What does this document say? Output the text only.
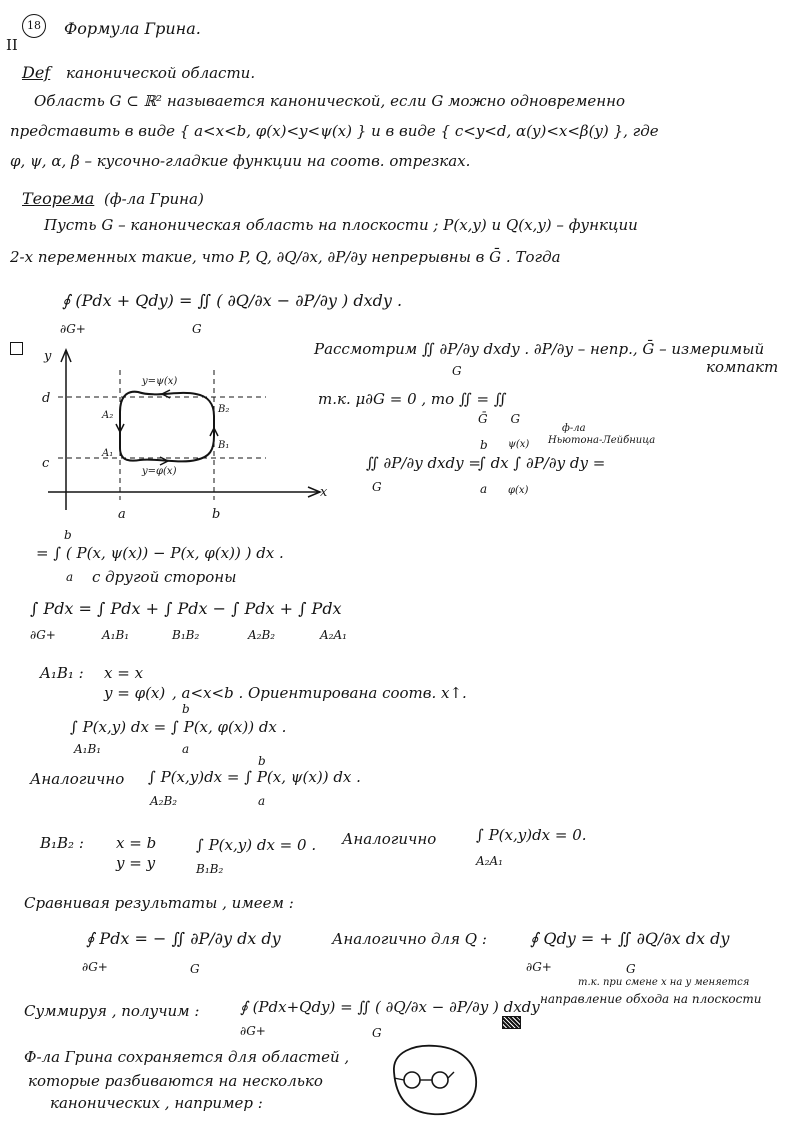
18
II
Формула Грина.
Def канонической области.
Область G ⊂ ℝ² называется канонической, если G можно одновременно
представить в виде { a<x<b, φ(x)<y<ψ(x) } и в виде { c<y<d, α(y)<x<β(y) }, где
φ, ψ, α, β – кусочно-гладкие функции на соотв. отрезках.
Теорема (ф-ла Грина)
Пусть G – каноническая область на плоскости ; P(x,y) и Q(x,y) – функции
2-х переменных такие, что P, Q, ∂Q/∂x, ∂P/∂y непрерывны в Ḡ . Тогда
∮ (Pdx + Qdy) = ∬ ( ∂Q/∂x − ∂P/∂y ) dxdy .
∂G+	G
y
x
d
c
a	b
y=ψ(x)
y=φ(x)
A₁
A₂
B₁
B₂
Рассмотрим ∬ ∂P/∂y dxdy . ∂P/∂y – непр., Ḡ – измеримый
G	компакт
т.к. μ∂G = 0 , то ∬ = ∬
Ḡ      G
ф-ла
Ньютона-Лейбница
∬ ∂P/∂y dxdy =
G
b
a
ψ(x)
φ(x)
∫ dx ∫ ∂P/∂y dy =
b
= ∫ ( P(x, ψ(x)) − P(x, φ(x)) ) dx .
a с другой стороны
∫ Pdx = ∫ Pdx + ∫ Pdx − ∫ Pdx + ∫ Pdx
∂G+	A₁B₁	B₁B₂	A₂B₂	A₂A₁
A₁B₁ : x = x
y = φ(x) , a<x<b . Ориентирована соотв. x↑.
b
∫ P(x,y) dx = ∫ P(x, φ(x)) dx .
A₁B₁	a
Аналогично
b
∫ P(x,y)dx = ∫ P(x, ψ(x)) dx .
A₂B₂	a
B₁B₂ : x = b
y = y
∫ P(x,y) dx = 0 .
B₁B₂
Аналогично	∫ P(x,y)dx = 0.
A₂A₁
Сравнивая результаты , имеем :
∮ Pdx = − ∬ ∂P/∂y dx dy
∂G+	G
Аналогично для Q :	∮ Qdy = + ∬ ∂Q/∂x dx dy
∂G+	G
т.к. при смене x на y меняется
направление обхода на плоскости
Суммируя , получим :	∮ (Pdx+Qdy) = ∬ ( ∂Q/∂x − ∂P/∂y ) dxdy
∂G+	G
Ф-ла Грина сохраняется для областей ,
которые разбиваются на несколько
канонических , например :
